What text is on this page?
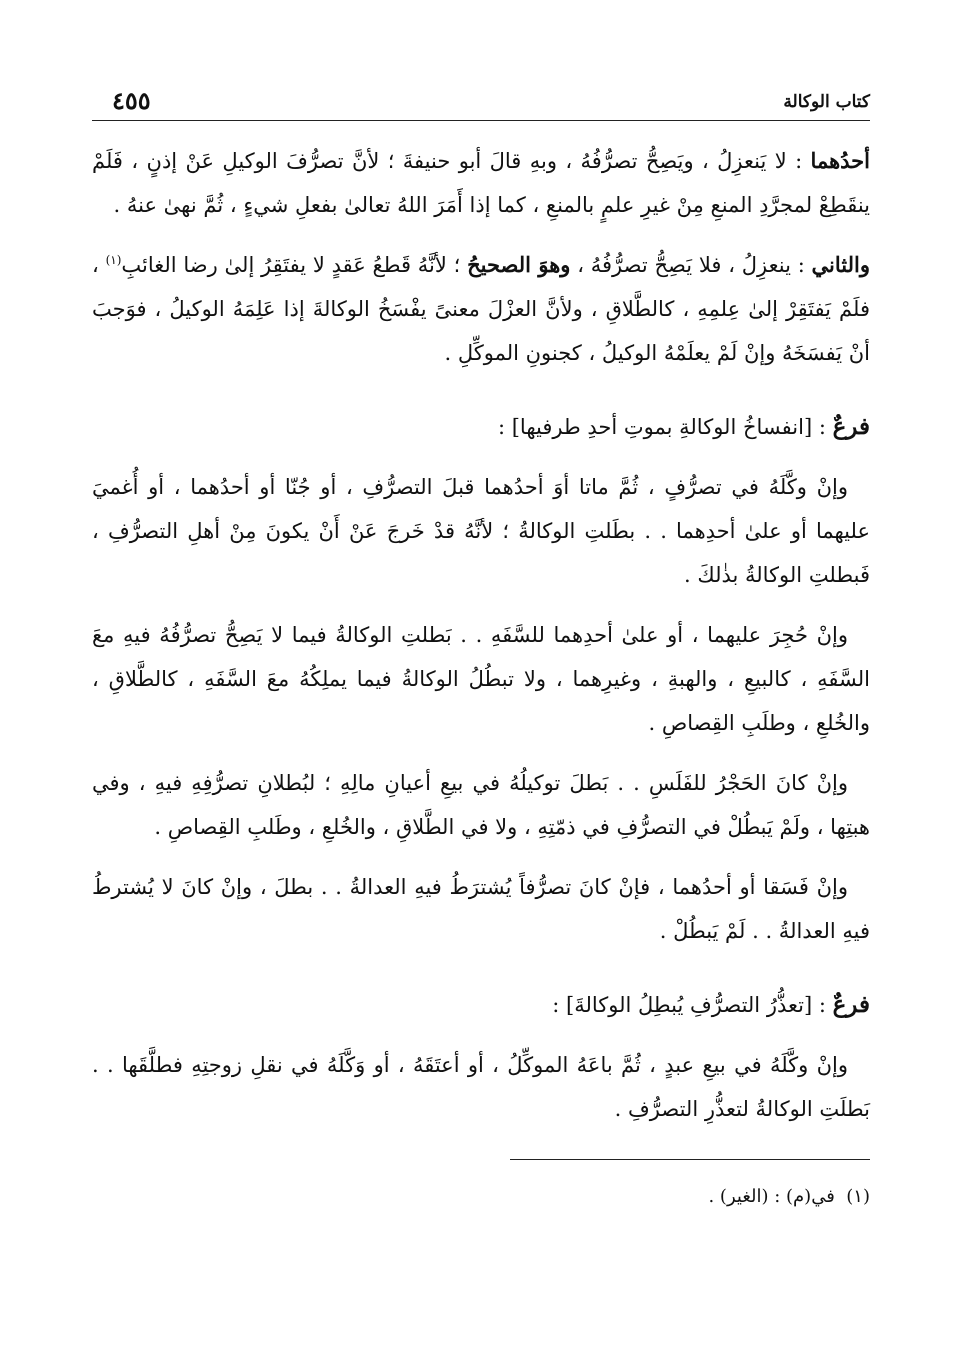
كتاب الوكالة
٤٥٥

أحدُهما : لا يَنعزِلُ ، ويَصِحُّ تصرُّفُهُ ، وبهِ قالَ أبو حنيفةَ ؛ لأنَّ تصرُّفَ الوكيلِ عَنْ إذنٍ ، فَلَمْ ينقَطِعْ لمجرَّدِ المنعِ مِنْ غيرِ علمٍ بالمنعِ ، كما إذا أَمَرَ اللهُ تعالىٰ بفعلِ شيءٍ ، ثُمَّ نهىٰ عنهُ .

والثاني : ينعزِلُ ، فلا يَصِحُّ تصرُّفُهُ ، وهوَ الصحيحُ ؛ لأنَّهُ قَطعُ عَقدٍ لا يفتَقِرُ إلىٰ رضا الغائبِ$^{(١)}$ ، فلَمْ يَفتَقِرْ إلىٰ عِلمِهِ ، كالطَّلاقِ ، ولأنَّ العزْلَ معنىً يفْسَخُ الوكالةَ إذا عَلِمَهُ الوكيلُ ، فوَجبَ أنْ يَفسَخَهُ وإنْ لَمْ يعلَمْهُ الوكيلُ ، كجنونِ الموكِّلِ .

فرعٌ : [انفساخُ الوكالةِ بموتِ أحدِ طرفيها] :

وإنْ وكَّلَهُ في تصرُّفٍ ، ثُمَّ ماتا أوَ أحدُهما قبلَ التصرُّفِ ، أو جُنّا أو أحدُهما ، أو أُغميَ عليهما أو علىٰ أحدِهما . . بطَلتِ الوكالةُ ؛ لأنَّهُ قدْ خَرجَ عَنْ أَنْ يكونَ مِنْ أهلِ التصرُّفِ ، فَبطلتِ الوكالةُ بذٰلكَ .

وإنْ حُجِرَ عليهما ، أو علىٰ أحدِهما للسَّفَهِ . . بَطلتِ الوكالةُ فيما لا يَصِحُّ تصرُّفُهُ فيهِ معَ السَّفَهِ ، كالبيعِ ، والهبةِ ، وغيرِهما ، ولا تبطُلُ الوكالةُ فيما يملِكُهُ معَ السَّفَهِ ، كالطَّلاقِ ، والخُلعِ ، وطلَبِ القِصاصِ .

وإنْ كانَ الحَجْرُ للفَلَسِ . . بَطلَ توكيلُهُ في بيعِ أعيانِ مالِهِ ؛ لبُطلانِ تصرُّفِهِ فيهِ ، وفي هبتِها ، ولَمْ يَبطُلْ في التصرُّفِ في ذمّتِهِ ، ولا في الطَّلاقِ ، والخُلعِ ، وطَلبِ القِصاصِ .

وإنْ فَسَقا أو أحدُهما ، فإنْ كانَ تصرُّفاً يُشترَطُ فيهِ العدالةُ . . بطلَ ، وإنْ كانَ لا يُشترطُ فيهِ العدالةُ . . لَمْ يَبطُلْ .

فرعٌ : [تعذُّرُ التصرُّفِ يُبطِلُ الوكالةَ] :

وإنْ وكَّلَهُ في بيعِ عبدٍ ، ثُمَّ باعَهُ الموكِّلُ ، أو أعتَقَهُ ، أو وَكَّلَهُ في نقلِ زوجتِهِ فطلَّقَها . . بَطلَتِ الوكالةُ لتعذُّرِ التصرُّفِ .

(١)  في(م) : (الغير) .
